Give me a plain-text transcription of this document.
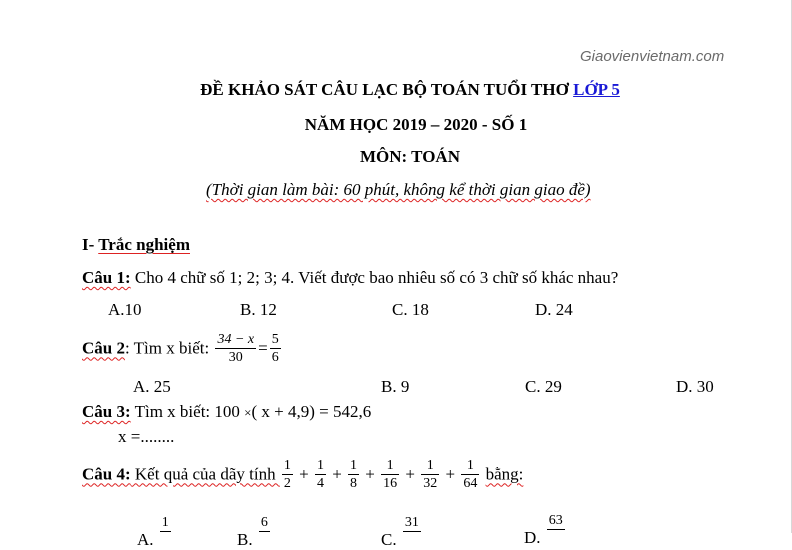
Giaovienvietnam.com
ĐỀ KHẢO SÁT CÂU LẠC BỘ TOÁN TUỔI THƠ LỚP 5
NĂM HỌC 2019 – 2020 - SỐ 1
MÔN: TOÁN
(Thời gian làm bài: 60 phút, không kể thời gian giao đề)
I- Trắc nghiệm
Câu 1: Cho 4 chữ số 1; 2; 3; 4. Viết được bao nhiêu số có 3 chữ số khác nhau?
A.10	B. 12	C. 18	D. 24
Câu 2: Tìm x biết: $\frac{34 - x}{30} = \frac{5}{6}$
A. 25	B. 9	C. 29	D. 30
Câu 3: Tìm x biết: 100 ×( x + 4,9) = 542,6
x =........
Câu 4: Kết quả của dãy tính $\frac{1}{2} + \frac{1}{4} + \frac{1}{8} + \frac{1}{16} + \frac{1}{32} + \frac{1}{64}$ bằng:
A.
1
B.
6
C.
31
D.
63
